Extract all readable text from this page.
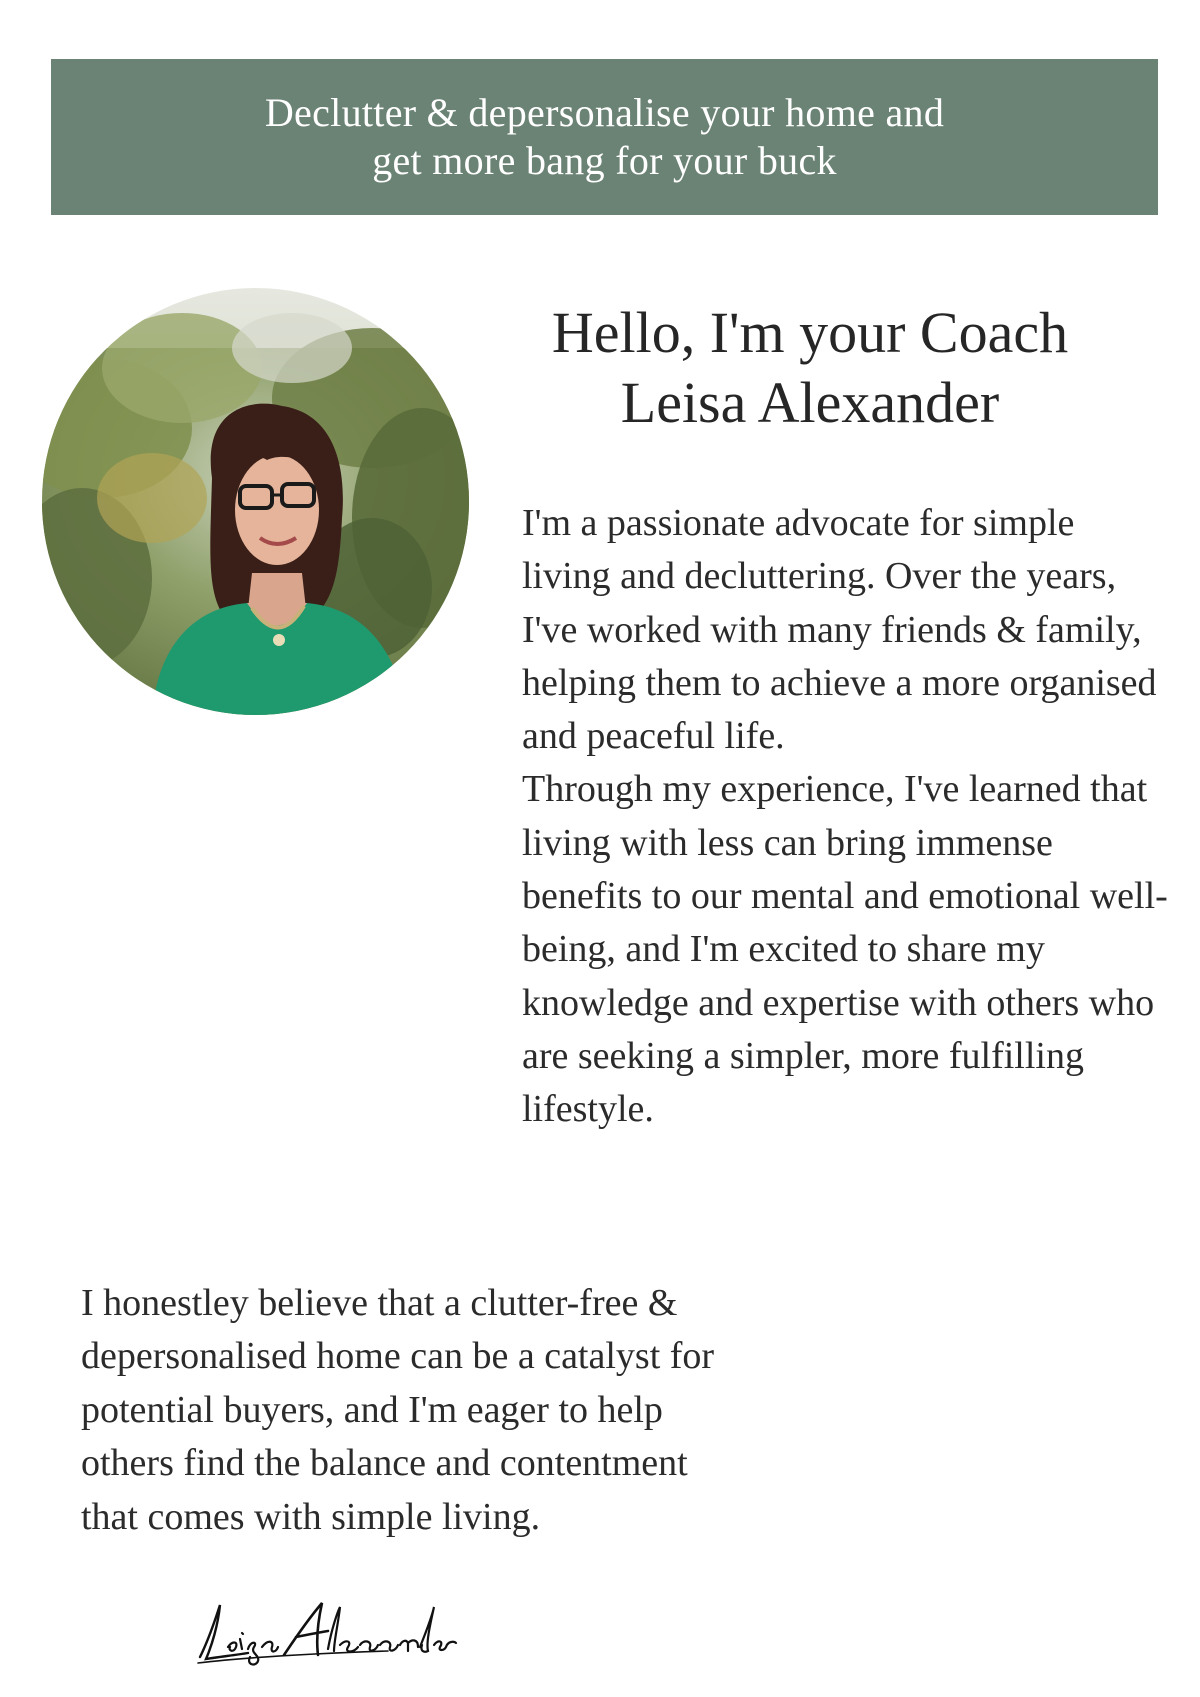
Declutter & depersonalise your home and
get more bang for your buck
Hello, I'm your Coach
Leisa Alexander

I'm a passionate advocate for simple living and decluttering. Over the years, I've worked with many friends & family, helping them to achieve a more organised and peaceful life.

Through my experience, I've learned that living with less can bring immense benefits to our mental and emotional well-being, and I'm excited to share my knowledge and expertise with others who are seeking a simpler, more fulfilling lifestyle.

I honestley believe that a clutter-free & depersonalised home can be a catalyst for potential buyers, and I'm eager to help others find the balance and contentment that comes with simple living.
